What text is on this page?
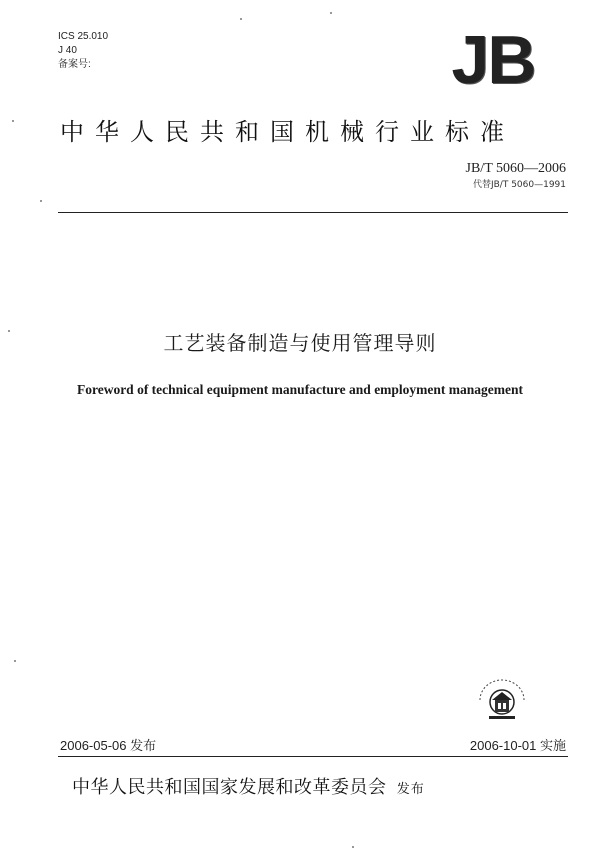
ICS 25.010
J 40
备案号:	JB
中华人民共和国机械行业标准
JB/T 5060—2006
代替JB/T 5060—1991
工艺装备制造与使用管理导则
Foreword of technical equipment manufacture and employment management
2006-05-06 发布	2006-10-01 实施
中华人民共和国国家发展和改革委员会 发布
